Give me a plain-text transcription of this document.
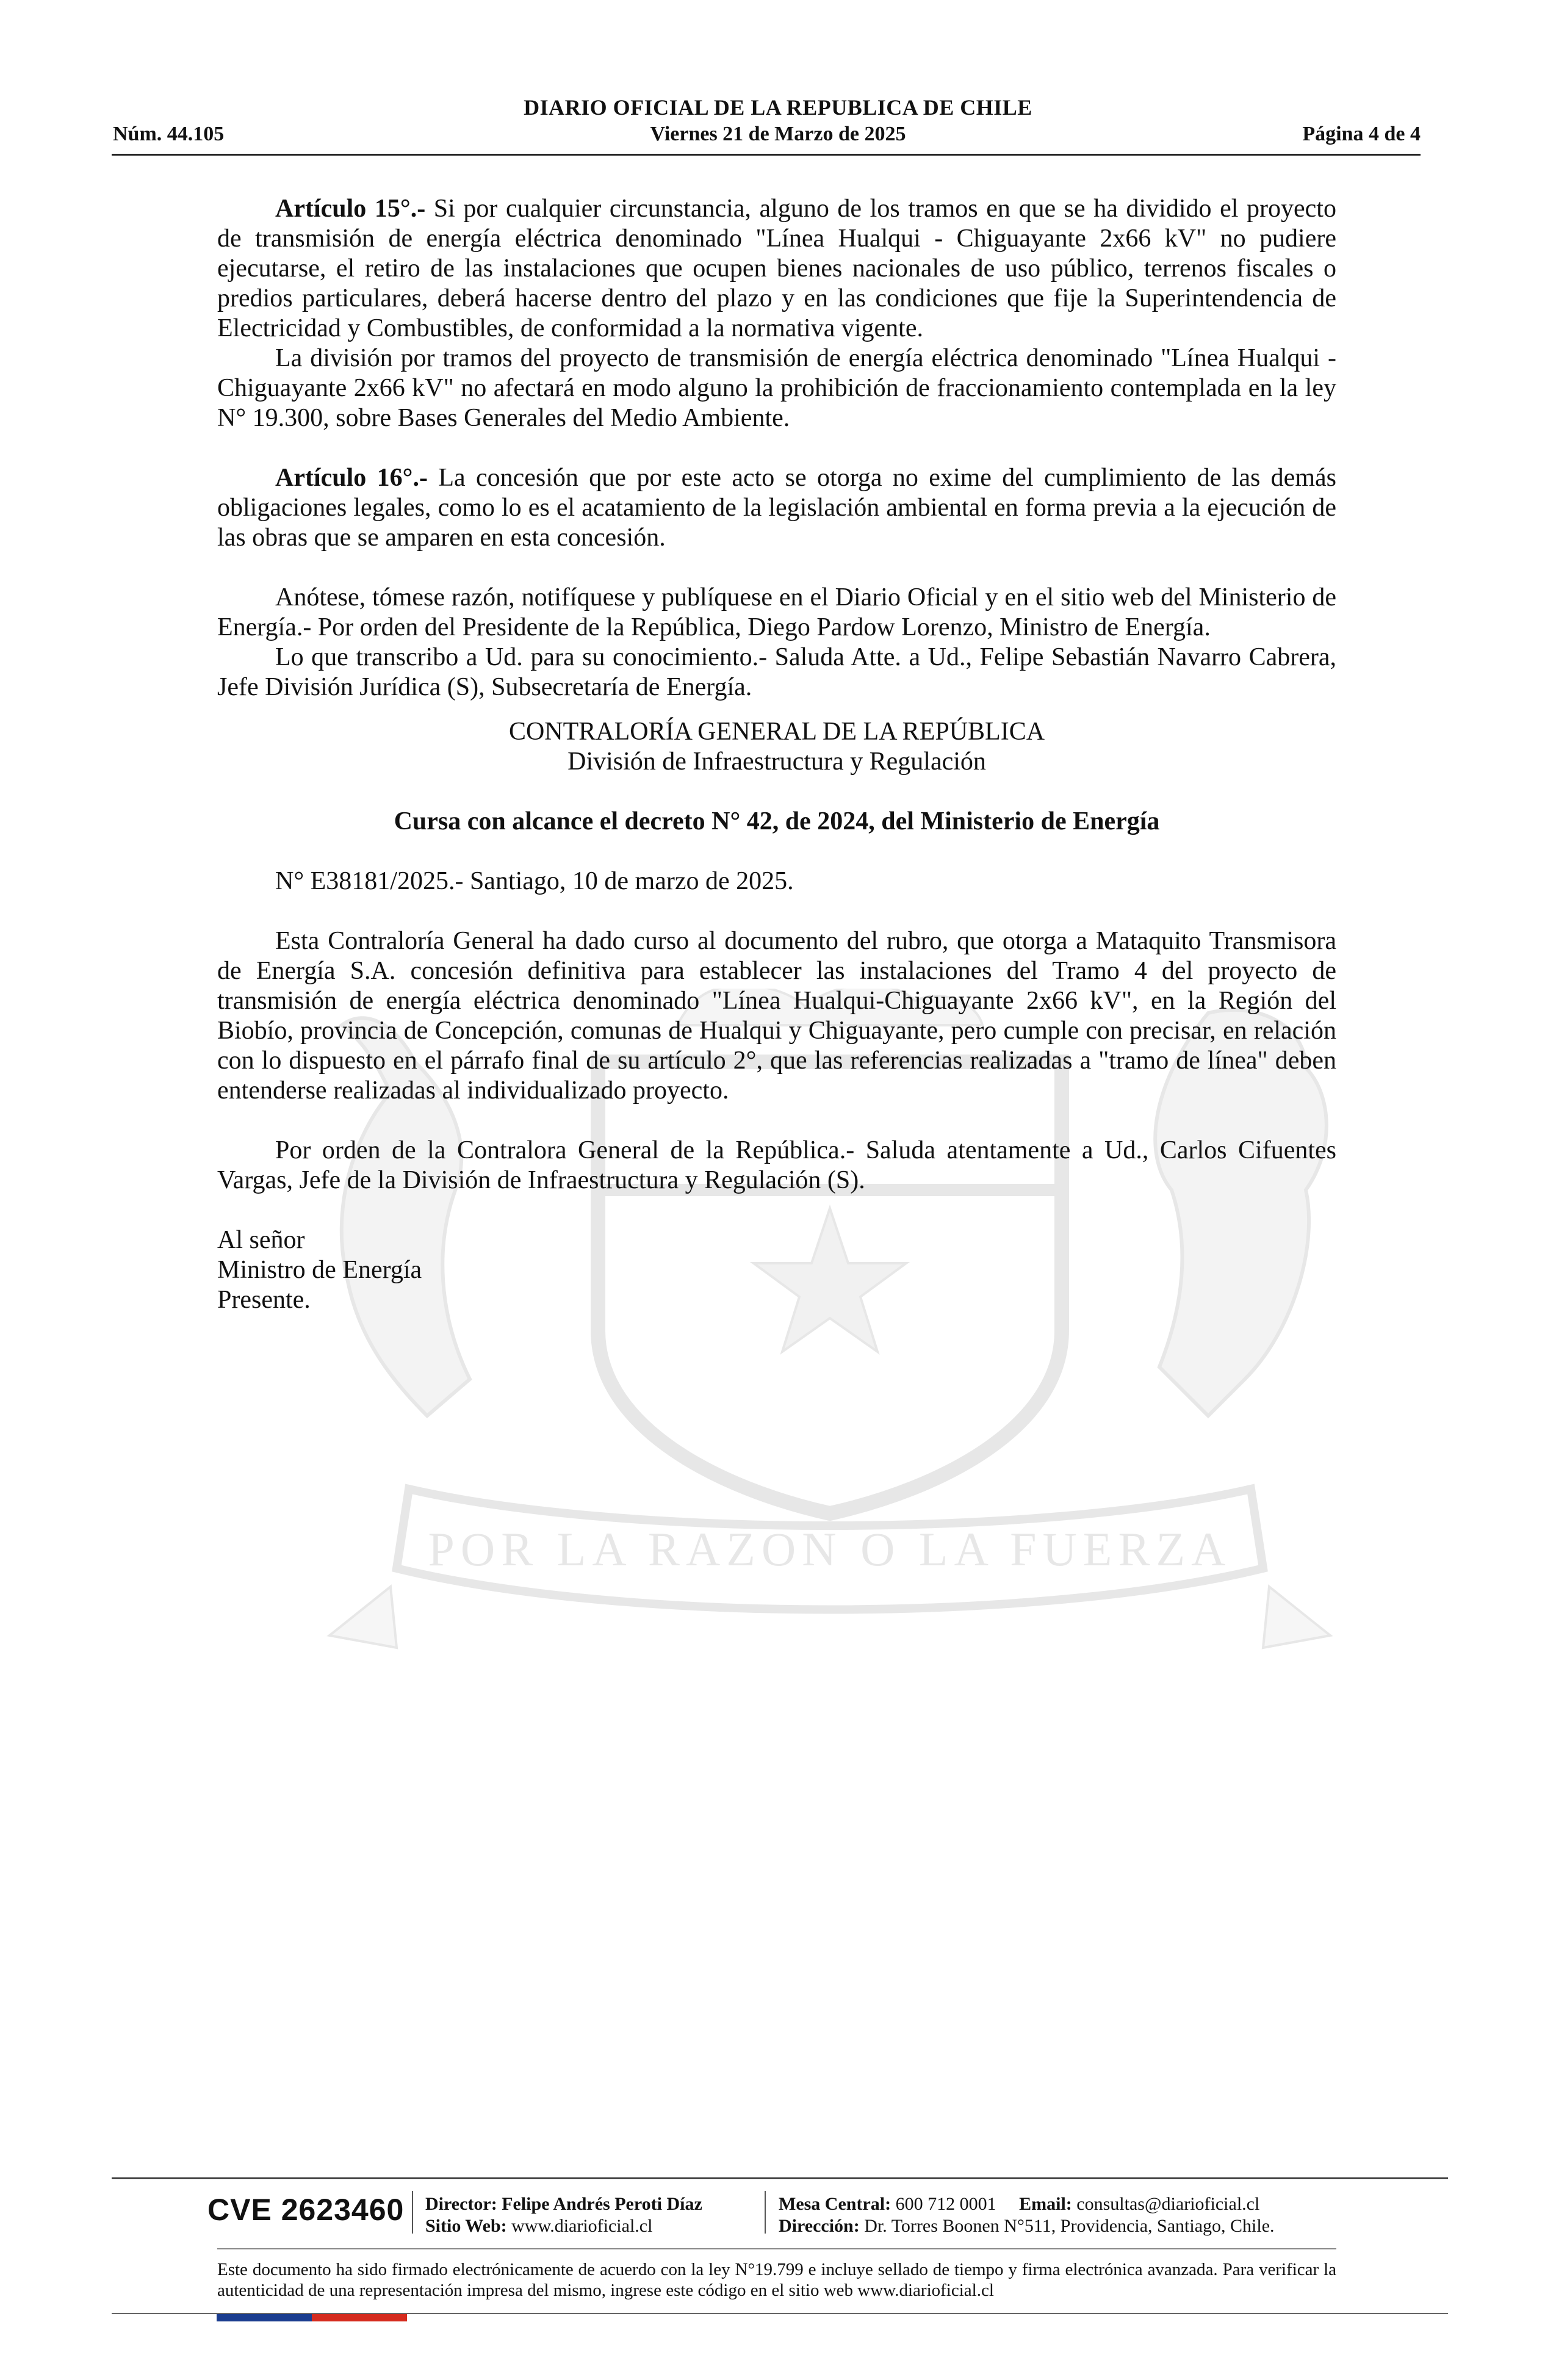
DIARIO OFICIAL DE LA REPUBLICA DE CHILE
Núm. 44.105	Viernes 21 de Marzo de 2025	Página 4 de 4
POR LA RAZON O LA FUERZA

Artículo 15°.- Si por cualquier circunstancia, alguno de los tramos en que se ha dividido el proyecto de transmisión de energía eléctrica denominado "Línea Hualqui - Chiguayante 2x66 kV" no pudiere ejecutarse, el retiro de las instalaciones que ocupen bienes nacionales de uso público, terrenos fiscales o predios particulares, deberá hacerse dentro del plazo y en las condiciones que fije la Superintendencia de Electricidad y Combustibles, de conformidad a la normativa vigente.

La división por tramos del proyecto de transmisión de energía eléctrica denominado "Línea Hualqui - Chiguayante 2x66 kV" no afectará en modo alguno la prohibición de fraccionamiento contemplada en la ley N° 19.300, sobre Bases Generales del Medio Ambiente.

Artículo 16°.- La concesión que por este acto se otorga no exime del cumplimiento de las demás obligaciones legales, como lo es el acatamiento de la legislación ambiental en forma previa a la ejecución de las obras que se amparen en esta concesión.

Anótese, tómese razón, notifíquese y publíquese en el Diario Oficial y en el sitio web del Ministerio de Energía.- Por orden del Presidente de la República, Diego Pardow Lorenzo, Ministro de Energía.

Lo que transcribo a Ud. para su conocimiento.- Saluda Atte. a Ud., Felipe Sebastián Navarro Cabrera, Jefe División Jurídica (S), Subsecretaría de Energía.

CONTRALORÍA GENERAL DE LA REPÚBLICA

División de Infraestructura y Regulación

Cursa con alcance el decreto N° 42, de 2024, del Ministerio de Energía

N° E38181/2025.- Santiago, 10 de marzo de 2025.

Esta Contraloría General ha dado curso al documento del rubro, que otorga a Mataquito Transmisora de Energía S.A. concesión definitiva para establecer las instalaciones del Tramo 4 del proyecto de transmisión de energía eléctrica denominado "Línea Hualqui-Chiguayante 2x66 kV", en la Región del Biobío, provincia de Concepción, comunas de Hualqui y Chiguayante, pero cumple con precisar, en relación con lo dispuesto en el párrafo final de su artículo 2°, que las referencias realizadas a "tramo de línea" deben entenderse realizadas al individualizado proyecto.

Por orden de la Contralora General de la República.- Saluda atentamente a Ud., Carlos Cifuentes Vargas, Jefe de la División de Infraestructura y Regulación (S).

Al señor

Ministro de Energía

Presente.

CVE 2623460 Director: Felipe Andrés Peroti Díaz
Sitio Web: www.diarioficial.cl
Mesa Central: 600 712 0001 Email: consultas@diarioficial.cl
Dirección: Dr. Torres Boonen N°511, Providencia, Santiago, Chile.
Este documento ha sido firmado electrónicamente de acuerdo con la ley N°19.799 e incluye sellado de tiempo y firma electrónica avanzada. Para verificar la autenticidad de una representación impresa del mismo, ingrese este código en el sitio web www.diarioficial.cl
